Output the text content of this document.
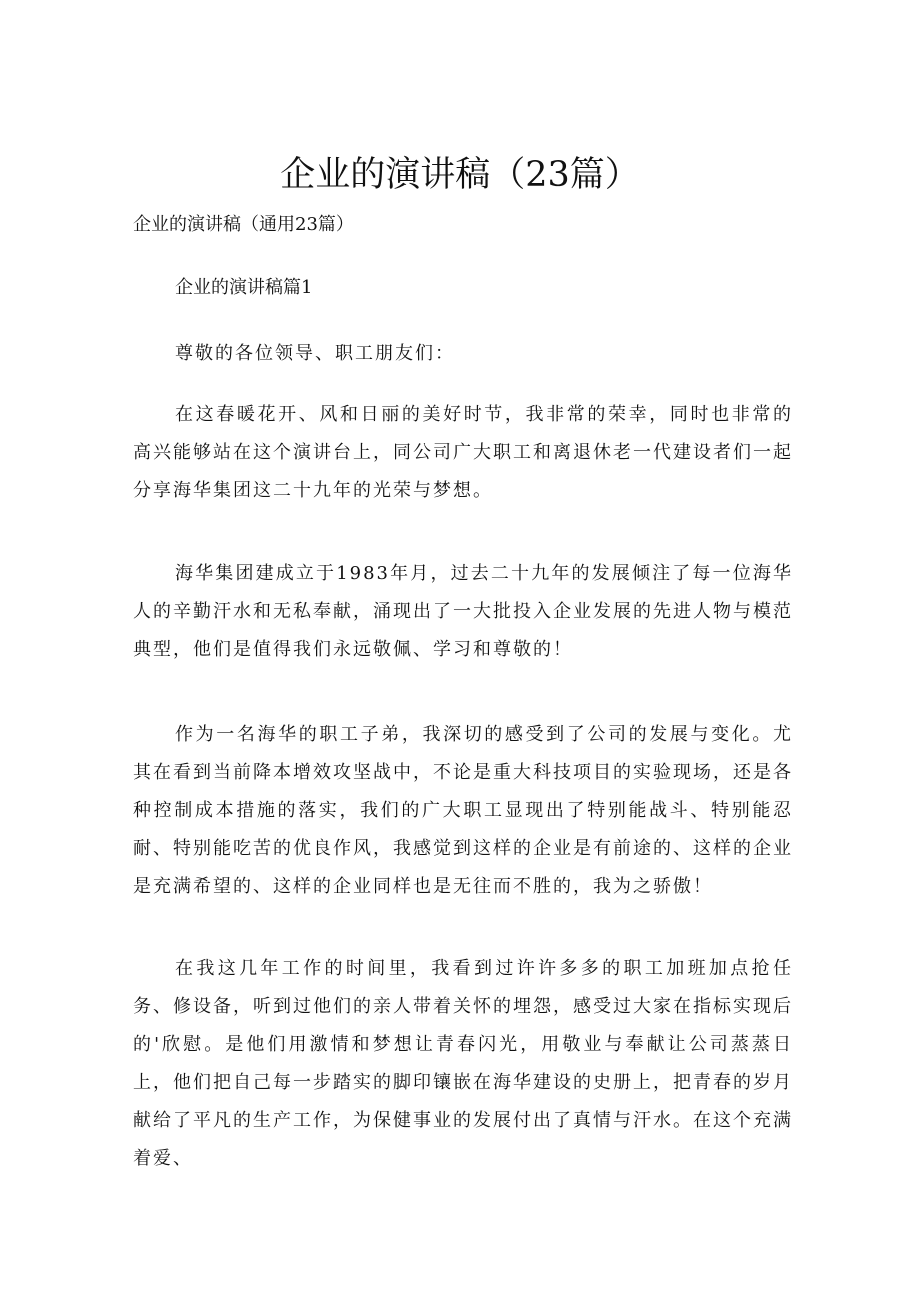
企业的演讲稿（23篇）

企业的演讲稿（通用23篇）

企业的演讲稿篇1

尊敬的各位领导、职工朋友们：

在这春暖花开、风和日丽的美好时节，我非常的荣幸，同时也非常的高兴能够站在这个演讲台上，同公司广大职工和离退休老一代建设者们一起分享海华集团这二十九年的光荣与梦想。

海华集团建成立于1983年月，过去二十九年的发展倾注了每一位海华人的辛勤汗水和无私奉献，涌现出了一大批投入企业发展的先进人物与模范典型，他们是值得我们永远敬佩、学习和尊敬的！

作为一名海华的职工子弟，我深切的感受到了公司的发展与变化。尤其在看到当前降本增效攻坚战中，不论是重大科技项目的实验现场，还是各种控制成本措施的落实，我们的广大职工显现出了特别能战斗、特别能忍耐、特别能吃苦的优良作风，我感觉到这样的企业是有前途的、这样的企业是充满希望的、这样的企业同样也是无往而不胜的，我为之骄傲！

在我这几年工作的时间里，我看到过许许多多的职工加班加点抢任务、修设备，听到过他们的亲人带着关怀的埋怨，感受过大家在指标实现后的'欣慰。是他们用激情和梦想让青春闪光，用敬业与奉献让公司蒸蒸日上，他们把自己每一步踏实的脚印镶嵌在海华建设的史册上，把青春的岁月献给了平凡的生产工作，为保健事业的发展付出了真情与汗水。在这个充满着爱、
